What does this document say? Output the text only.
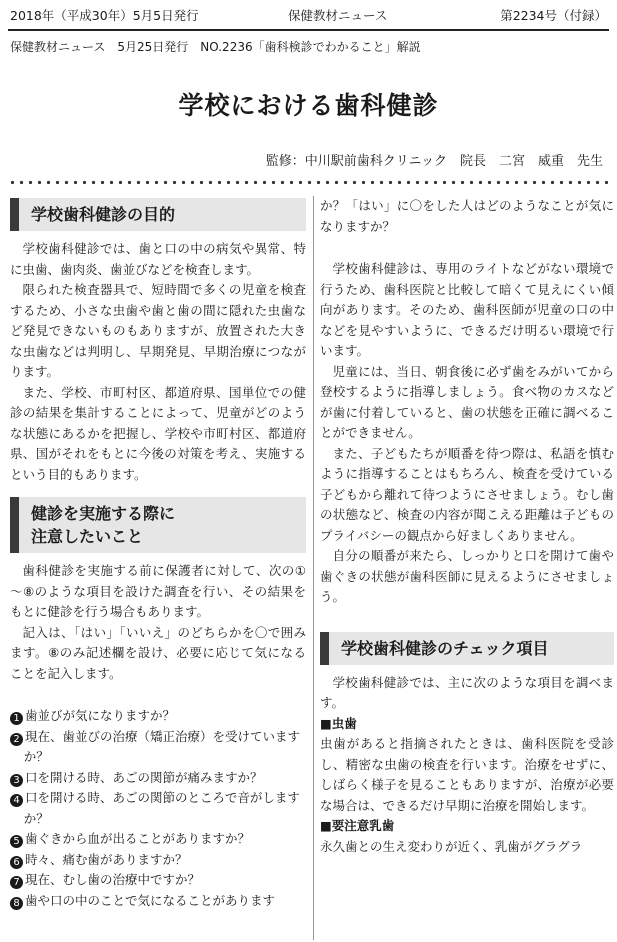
2018年（平成30年）5月5日発行	保健教材ニュース	第2234号（付録）
保健教材ニュース　5月25日発行　NO.2236「歯科検診でわかること」解説
学校における歯科健診
監修：中川駅前歯科クリニック　院長　二宮　威重　先生
学校歯科健診の目的

学校歯科健診では、歯と口の中の病気や異常、特に虫歯、歯肉炎、歯並びなどを検査します。

限られた検査器具で、短時間で多くの児童を検査するため、小さな虫歯や歯と歯の間に隠れた虫歯など発見できないものもありますが、放置された大きな虫歯などは判明し、早期発見、早期治療につながります。

また、学校、市町村区、都道府県、国単位での健診の結果を集計することによって、児童がどのような状態にあるかを把握し、学校や市町村区、都道府県、国がそれをもとに今後の対策を考え、実施するという目的もあります。

健診を実施する際に
注意したいこと

歯科健診を実施する前に保護者に対して、次の①～⑧のような項目を設けた調査を行い、その結果をもとに健診を行う場合もあります。

記入は、「はい」「いいえ」のどちらかを〇で囲みます。⑧のみ記述欄を設け、必要に応じて気になることを記入します。

1 歯並びが気になりますか？
2 現在、歯並びの治療（矯正治療）を受けていますか？
3 口を開ける時、あごの関節が痛みますか？
4 口を開ける時、あごの関節のところで音がしますか？
5 歯ぐきから血が出ることがありますか？
6 時々、痛む歯がありますか？
7 現在、むし歯の治療中ですか？
8 歯や口の中のことで気になることがあります

か？「はい」に〇をした人はどのようなことが気になりますか？

学校歯科健診は、専用のライトなどがない環境で行うため、歯科医院と比較して暗くて見えにくい傾向があります。そのため、歯科医師が児童の口の中などを見やすいように、できるだけ明るい環境で行います。

児童には、当日、朝食後に必ず歯をみがいてから登校するように指導しましょう。食べ物のカスなどが歯に付着していると、歯の状態を正確に調べることができません。

また、子どもたちが順番を待つ際は、私語を慎むように指導することはもちろん、検査を受けている子どもから離れて待つようにさせましょう。むし歯の状態など、検査の内容が聞こえる距離は子どものプライバシーの観点から好ましくありません。

自分の順番が来たら、しっかりと口を開けて歯や歯ぐきの状態が歯科医師に見えるようにさせましょう。

学校歯科健診のチェック項目

学校歯科健診では、主に次のような項目を調べます。

■虫歯

虫歯があると指摘されたときは、歯科医院を受診し、精密な虫歯の検査を行います。治療をせずに、しばらく様子を見ることもありますが、治療が必要な場合は、できるだけ早期に治療を開始します。

■要注意乳歯

永久歯との生え変わりが近く、乳歯がグラグラ
